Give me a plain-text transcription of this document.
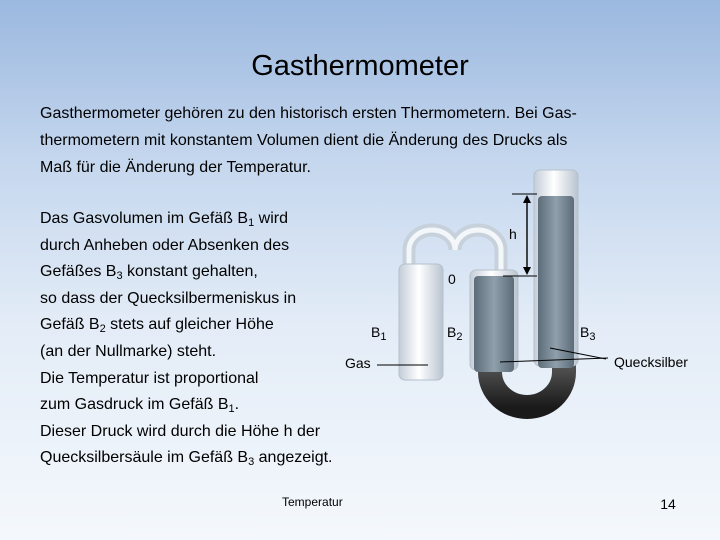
Gasthermometer
Gasthermometer gehören zu den historisch ersten Thermometern. Bei Gas-
thermometern mit konstantem Volumen dient die Änderung des Drucks als
Maß für die Änderung der Temperatur.
Das Gasvolumen im Gefäß $B_1$ wird
durch Anheben oder Absenken des
Gefäßes $B_3$ konstant gehalten,
so dass der Quecksilbermeniskus in
Gefäß $B_2$ stets auf gleicher Höhe
(an der Nullmarke) steht.
Die Temperatur ist proportional
zum Gasdruck im Gefäß $B_1$.
Dieser Druck wird durch die Höhe h der
Quecksilbersäule im Gefäß $B_3$ angezeigt.
h
0
$B_1$	$B_2$	$B_3$
Gas	Quecksilber
Temperatur	14
